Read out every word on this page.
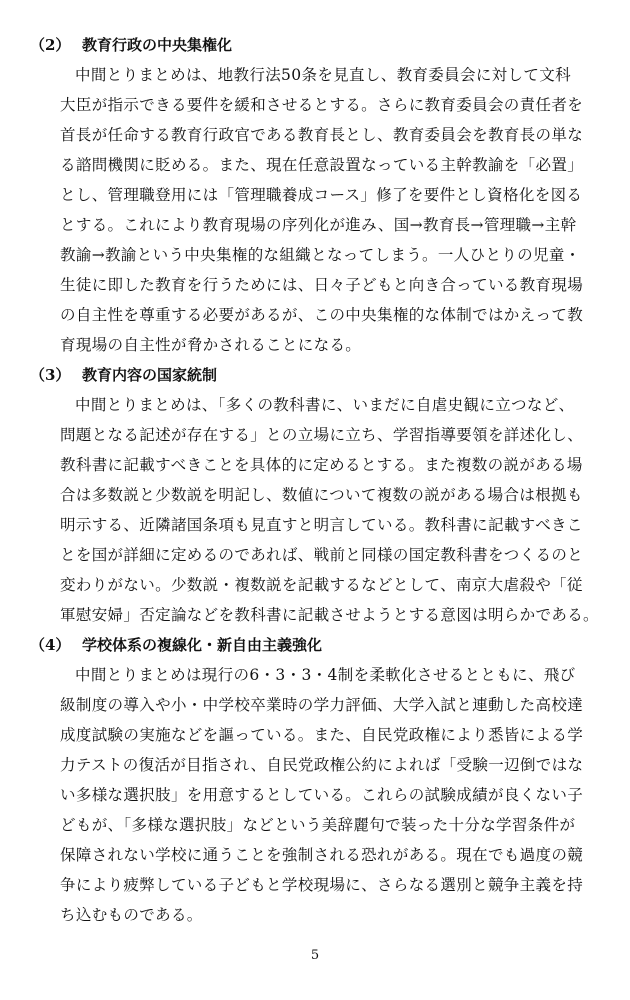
（2） 教育行政の中央集権化
中間とりまとめは、地教行法50条を見直し、教育委員会に対して文科
大臣が指示できる要件を緩和させるとする。さらに教育委員会の責任者を
首長が任命する教育行政官である教育長とし、教育委員会を教育長の単な
る諮問機関に貶める。また、現在任意設置なっている主幹教諭を「必置」
とし、管理職登用には「管理職養成コース」修了を要件とし資格化を図る
とする。これにより教育現場の序列化が進み、国→教育長→管理職→主幹
教諭→教諭という中央集権的な組織となってしまう。一人ひとりの児童・
生徒に即した教育を行うためには、日々子どもと向き合っている教育現場
の自主性を尊重する必要があるが、この中央集権的な体制ではかえって教
育現場の自主性が脅かされることになる。
（3） 教育内容の国家統制
中間とりまとめは、「多くの教科書に、いまだに自虐史観に立つなど、
問題となる記述が存在する」との立場に立ち、学習指導要領を詳述化し、
教科書に記載すべきことを具体的に定めるとする。また複数の説がある場
合は多数説と少数説を明記し、数値について複数の説がある場合は根拠も
明示する、近隣諸国条項も見直すと明言している。教科書に記載すべきこ
とを国が詳細に定めるのであれば、戦前と同様の国定教科書をつくるのと
変わりがない。少数説・複数説を記載するなどとして、南京大虐殺や「従
軍慰安婦」否定論などを教科書に記載させようとする意図は明らかである。
（4） 学校体系の複線化・新自由主義強化
中間とりまとめは現行の6・3・3・4制を柔軟化させるとともに、飛び
級制度の導入や小・中学校卒業時の学力評価、大学入試と連動した高校達
成度試験の実施などを謳っている。また、自民党政権により悉皆による学
力テストの復活が目指され、自民党政権公約によれば「受験一辺倒ではな
い多様な選択肢」を用意するとしている。これらの試験成績が良くない子
どもが、「多様な選択肢」などという美辞麗句で装った十分な学習条件が
保障されない学校に通うことを強制される恐れがある。現在でも過度の競
争により疲弊している子どもと学校現場に、さらなる選別と競争主義を持
ち込むものである。
5
